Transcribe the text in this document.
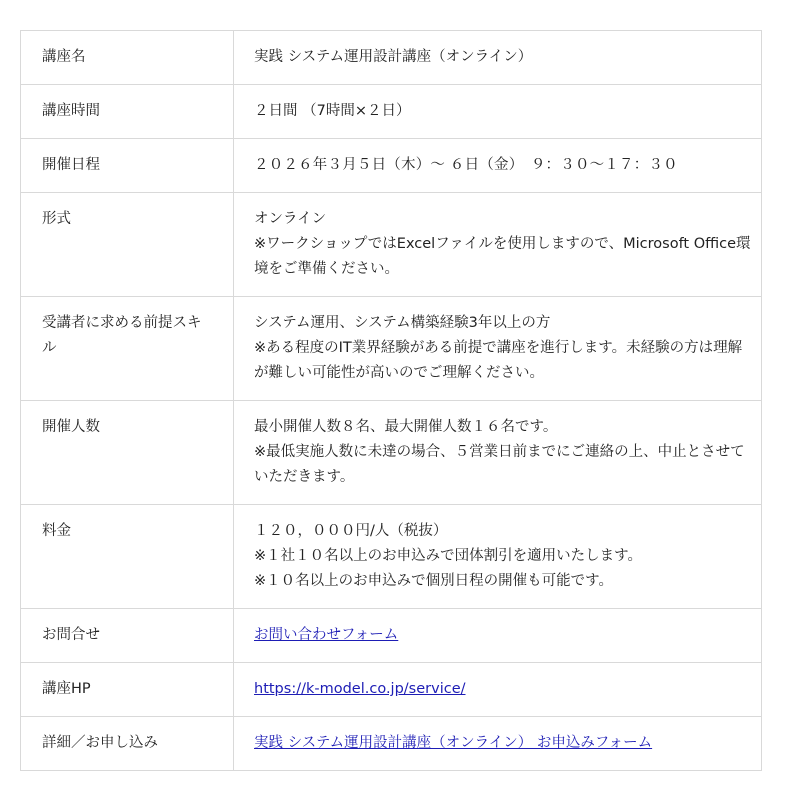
講座名	実践 システム運用設計講座（オンライン）

講座時間	２日間 （7時間×２日）

開催日程	２０２６年３月５日（木）～ ６日（金）　９：３０～１７：３０

形式	オンライン
※ワークショップではExcelファイルを使用しますので、Microsoft Office環境をご準備ください。

受講者に求める前提スキル	システム運用、システム構築経験3年以上の方
※ある程度のIT業界経験がある前提で講座を進行します。未経験の方は理解が難しい可能性が高いのでご理解ください。

開催人数	最小開催人数８名、最大開催人数１６名です。
※最低実施人数に未達の場合、５営業日前までにご連絡の上、中止とさせていただきます。

料金	１２０，０００円/人（税抜）
※１社１０名以上のお申込みで団体割引を適用いたします。
※１０名以上のお申込みで個別日程の開催も可能です。

お問合せ	お問い合わせフォーム
講座HP	https://k-model.co.jp/service/
詳細／お申し込み	実践 システム運用設計講座（オンライン） お申込みフォーム
